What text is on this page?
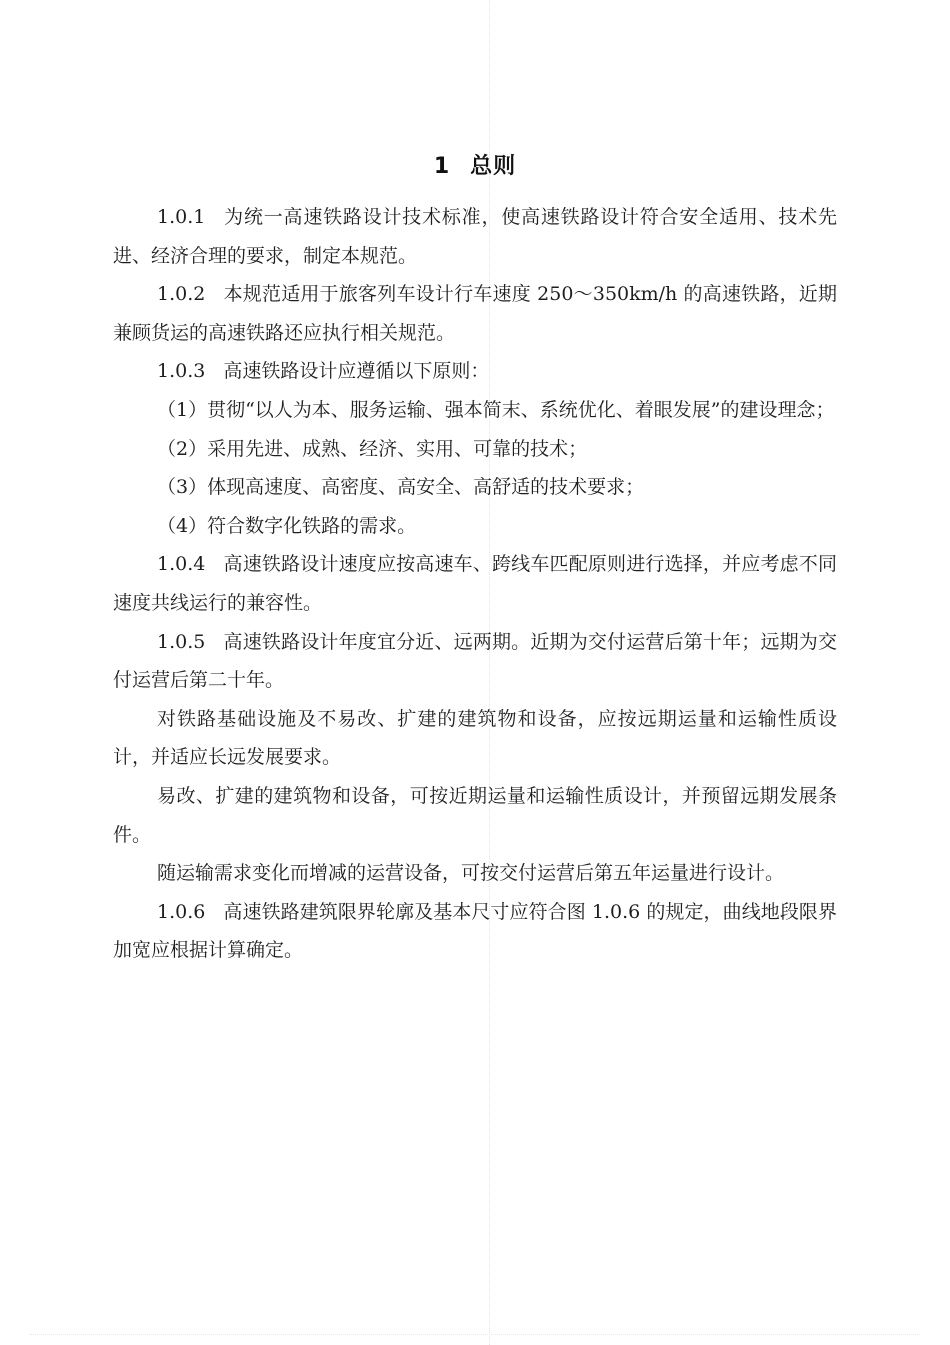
1 总则

1.0.1 为统一高速铁路设计技术标准，使高速铁路设计符合安全适用、技术先进、经济合理的要求，制定本规范。

1.0.2 本规范适用于旅客列车设计行车速度 250～350km/h 的高速铁路，近期兼顾货运的高速铁路还应执行相关规范。

1.0.3 高速铁路设计应遵循以下原则：

（1）贯彻“以人为本、服务运输、强本简末、系统优化、着眼发展”的建设理念；

（2）采用先进、成熟、经济、实用、可靠的技术；

（3）体现高速度、高密度、高安全、高舒适的技术要求；

（4）符合数字化铁路的需求。

1.0.4 高速铁路设计速度应按高速车、跨线车匹配原则进行选择，并应考虑不同速度共线运行的兼容性。

1.0.5 高速铁路设计年度宜分近、远两期。近期为交付运营后第十年；远期为交付运营后第二十年。

对铁路基础设施及不易改、扩建的建筑物和设备，应按远期运量和运输性质设计，并适应长远发展要求。

易改、扩建的建筑物和设备，可按近期运量和运输性质设计，并预留远期发展条件。

随运输需求变化而增减的运营设备，可按交付运营后第五年运量进行设计。

1.0.6 高速铁路建筑限界轮廓及基本尺寸应符合图 1.0.6 的规定，曲线地段限界加宽应根据计算确定。
